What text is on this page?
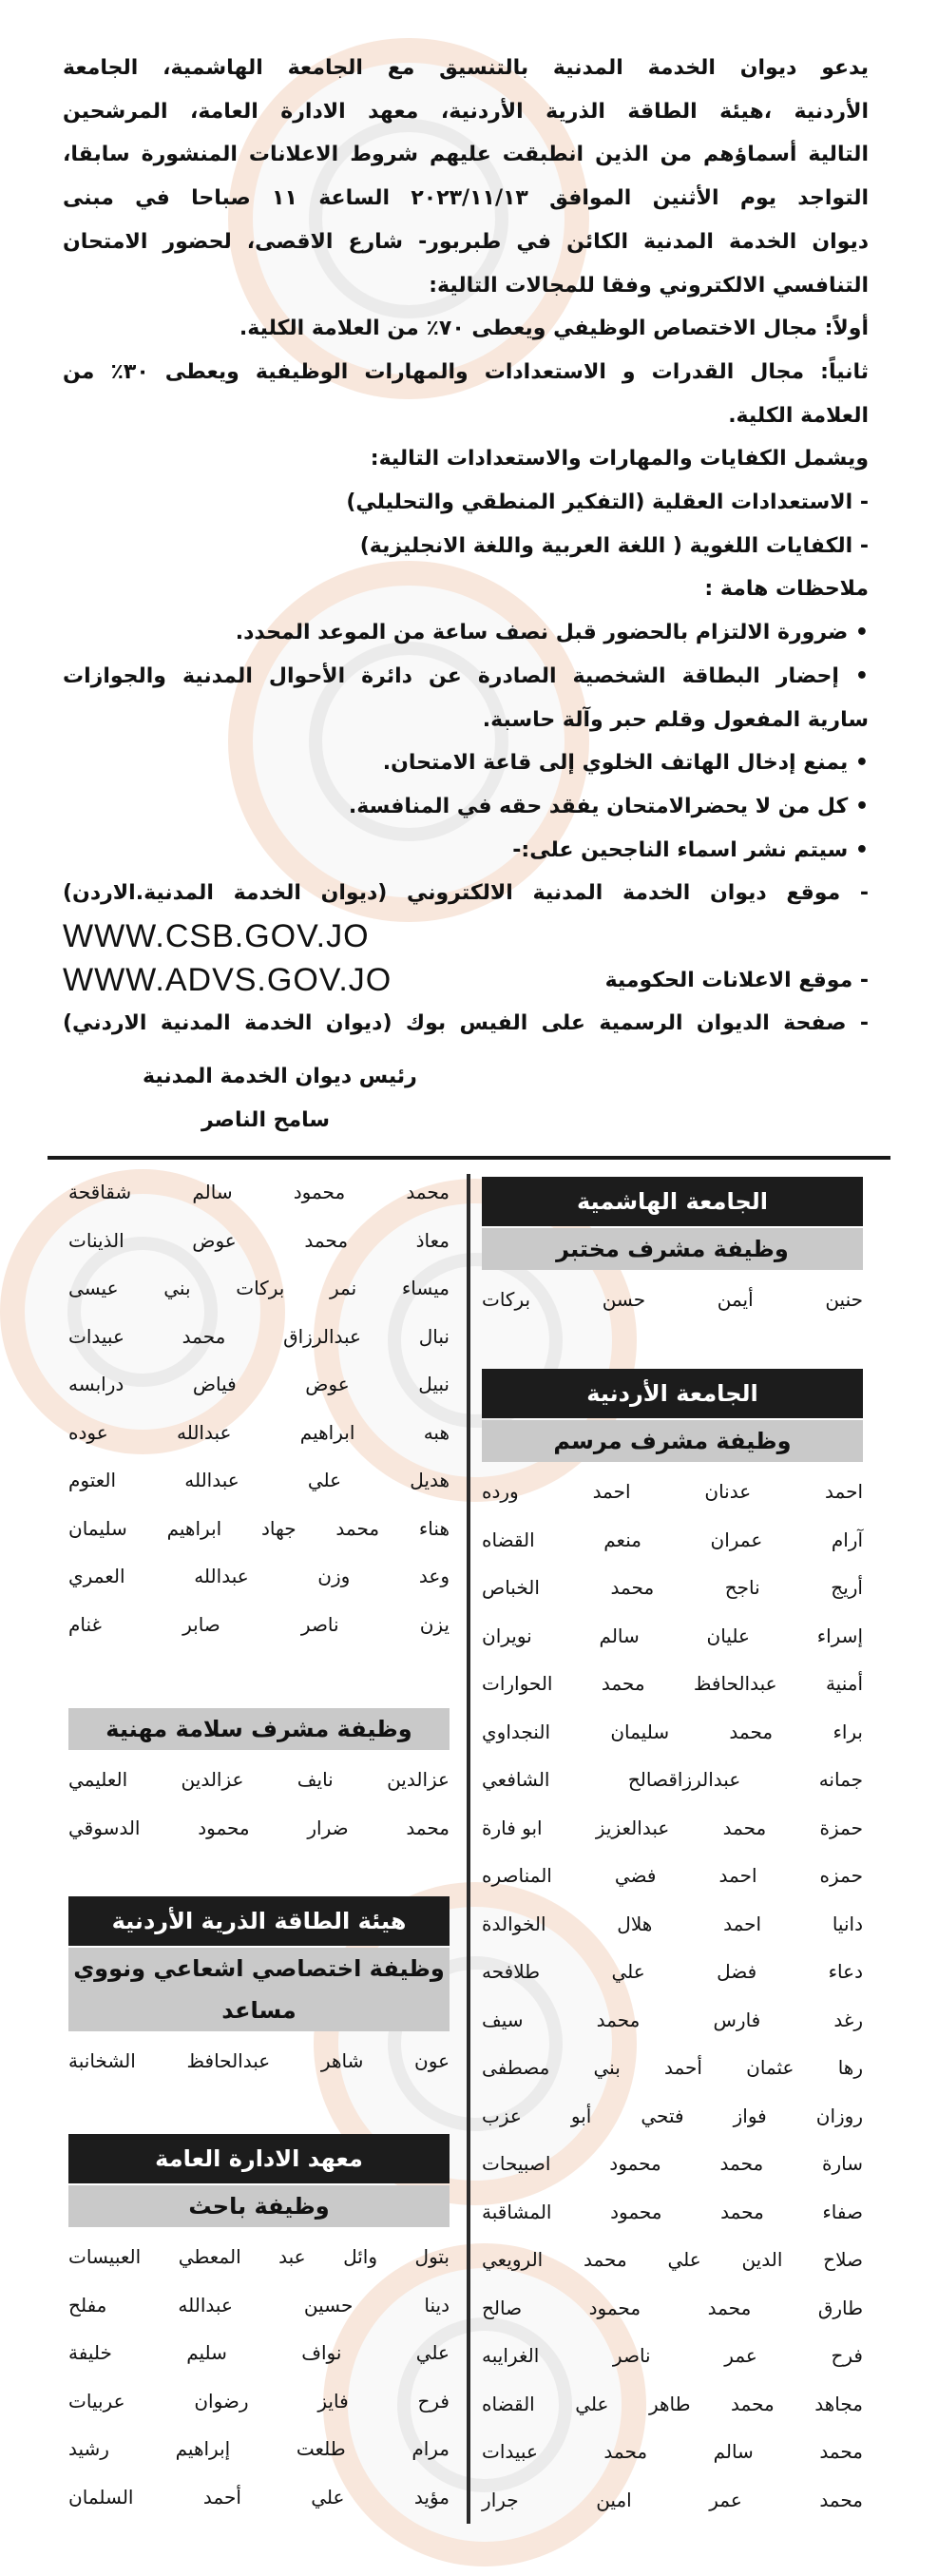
يدعو ديوان الخدمة المدنية بالتنسيق مع الجامعة الهاشمية، الجامعة
الأردنية ،هيئة الطاقة الذرية الأردنية، معهد الادارة العامة، المرشحين
التالية أسماؤهم من الذين انطبقت عليهم شروط الاعلانات المنشورة سابقا،
التواجد يوم الأثنين الموافق ٢٠٢٣/١١/١٣ الساعة ١١ صباحا في مبنى
ديوان الخدمة المدنية الكائن في طبربور- شارع الاقصى، لحضور الامتحان
التنافسي الالكتروني وفقا للمجالات التالية:
أولاً: مجال الاختصاص الوظيفي ويعطى ٧٠٪ من العلامة الكلية.
ثانياً: مجال القدرات و الاستعدادات والمهارات الوظيفية ويعطى ٣٠٪ من
العلامة الكلية.
ويشمل الكفايات والمهارات والاستعدادات التالية:
- الاستعدادات العقلية (التفكير المنطقي والتحليلي)
- الكفايات اللغوية ( اللغة العربية واللغة الانجليزية)
ملاحظات هامة :
• ضرورة الالتزام بالحضور قبل نصف ساعة من الموعد المحدد.
• إحضار البطاقة الشخصية الصادرة عن دائرة الأحوال المدنية والجوازات
سارية المفعول وقلم حبر وآلة حاسبة.
• يمنع إدخال الهاتف الخلوي إلى قاعة الامتحان.
• كل من لا يحضرالامتحان يفقد حقه في المنافسة.
• سيتم نشر اسماء الناجحين على:-
- موقع ديوان الخدمة المدنية الالكتروني (ديوان الخدمة المدنية.الاردن)
WWW.CSB.GOV.JO
- موقع الاعلانات الحكومية
WWW.ADVS.GOV.JO
- صفحة الديوان الرسمية على الفيس بوك (ديوان الخدمة المدنية الاردني)
رئيس ديوان الخدمة المدنية
سامح الناصر
الجامعة الهاشمية
وظيفة مشرف مختبر
حنين
أيمن
حسن
بركات
الجامعة الأردنية
وظيفة مشرف مرسم
احمد
عدنان
احمد
ورده
آرام
عمران
منعم
القضاه
أريج
ناجح
محمد
الخباص
إسراء
عليان
سالم
نويران
أمنية
عبدالحافظ
محمد
الحوارات
براء
محمد
سليمان
النجداوي
جمانه
عبدالرزاقصالح
الشافعي
حمزة
محمد
عبدالعزيز
ابو فارة
حمزه
احمد
فضي
المناصره
دانيا
احمد
هلال
الخوالدة
دعاء
فضل
علي
طلافحه
رغد
فارس
محمد
سيف
رها
عثمان
أحمد
بني
مصطفى
روزان
فواز
فتحي
أبو
عزب
سارة
محمد
محمود
اصبيحات
صفاء
محمد
محمود
المشاقبة
صلاح
الدين
علي
محمد
الرويعي
طارق
محمد
محمود
صالح
فرح
عمر
ناصر
الغرايبه
مجاهد
محمد
طاهر
علي
القضاه
محمد
سالم
محمد
عبيدات
محمد
عمر
امين
جرار
محمد
محمود
سالم
شقاقحة
معاذ
محمد
عوض
الذينات
ميساء
نمر
بركات
بني
عيسى
نبال
عبدالرزاق
محمد
عبيدات
نبيل
عوض
فياض
درابسه
هبه
ابراهيم
عبدالله
عوده
هديل
علي
عبدالله
العتوم
هناء
محمد
جهاد
ابراهيم
سليمان
وعد
وزن
عبدالله
العمري
يزن
ناصر
صابر
غنام
وظيفة مشرف سلامة مهنية
عزالدين
نايف
عزالدين
العليمي
محمد
ضرار
محمود
الدسوقي
هيئة الطاقة الذرية الأردنية
وظيفة اختصاصي اشعاعي ونووي مساعد
عون
شاهر
عبدالحافظ
الشخانبة
معهد الادارة العامة
وظيفة باحث
بتول
وائل
عبد
المعطي
العبيسات
دينا
حسين
عبدالله
مفلح
علي
نواف
سليم
خليفة
فرح
فايز
رضوان
عربيات
مرام
طلعت
إبراهيم
رشيد
مؤيد
علي
أحمد
السلمان
